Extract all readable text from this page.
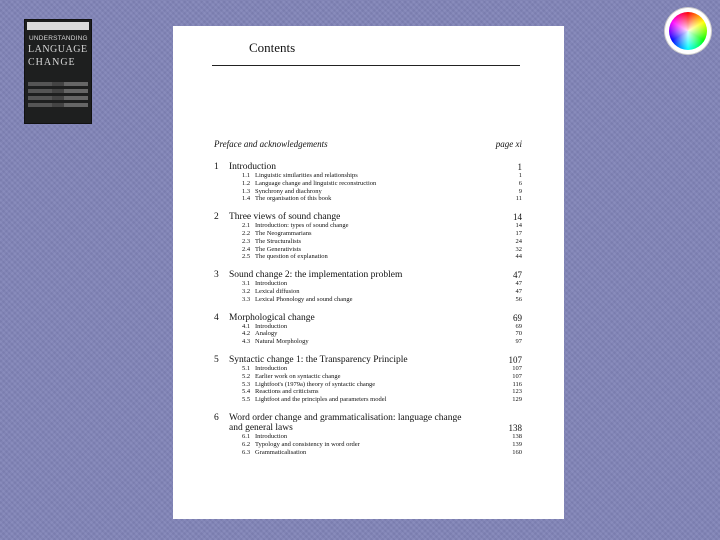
UNDERSTANDING
LANGUAGE
CHANGE
Contents
Preface and acknowledgements	page xi
1	Introduction	1
1.1 Linguistic similarities and relationships	1
1.2 Language change and linguistic reconstruction	6
1.3 Synchrony and diachrony	9
1.4 The organisation of this book	11
2	Three views of sound change	14
2.1 Introduction: types of sound change	14
2.2 The Neogrammarians	17
2.3 The Structuralists	24
2.4 The Generativists	32
2.5 The question of explanation	44
3	Sound change 2: the implementation problem	47
3.1 Introduction	47
3.2 Lexical diffusion	47
3.3 Lexical Phonology and sound change	56
4	Morphological change	69
4.1 Introduction	69
4.2 Analogy	70
4.3 Natural Morphology	97
5	Syntactic change 1: the Transparency Principle	107
5.1 Introduction	107
5.2 Earlier work on syntactic change	107
5.3 Lightfoot's (1979a) theory of syntactic change	116
5.4 Reactions and criticisms	123
5.5 Lightfoot and the principles and parameters model	129
6	Word order change and grammaticalisation: language change and general laws	138
6.1 Introduction	138
6.2 Typology and consistency in word order	139
6.3 Grammaticalisation	160
